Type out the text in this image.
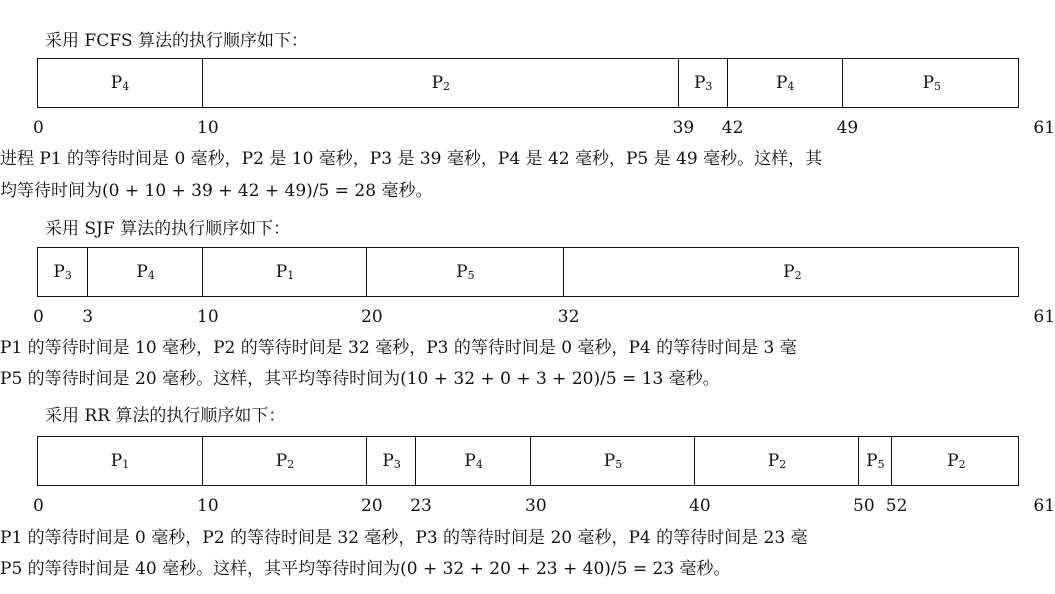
采用 FCFS 算法的执行顺序如下：
$P_4$	$P_2$	$P_3$	$P_4$	$P_5$
0	10	39 42	49	61
进程 P1 的等待时间是 0 毫秒，P2 是 10 毫秒，P3 是 39 毫秒，P4 是 42 毫秒，P5 是 49 毫秒。这样，其
均等待时间为(0 + 10 + 39 + 42 + 49)/5 = 28 毫秒。
采用 SJF 算法的执行顺序如下：
$P_3$	$P_4$	$P_1$	$P_5$	$P_2$
0 3	10	20	32	61
P1 的等待时间是 10 毫秒，P2 的等待时间是 32 毫秒，P3 的等待时间是 0 毫秒，P4 的等待时间是 3 毫
P5 的等待时间是 20 毫秒。这样，其平均等待时间为(10 + 32 + 0 + 3 + 20)/5 = 13 毫秒。
采用 RR 算法的执行顺序如下：
$P_1$	$P_2$	$P_3$	$P_4$	$P_5$	$P_2$	$P_5$	$P_2$
0	10	20 23	30	40	50 52	61
P1 的等待时间是 0 毫秒，P2 的等待时间是 32 毫秒，P3 的等待时间是 20 毫秒，P4 的等待时间是 23 毫
P5 的等待时间是 40 毫秒。这样，其平均等待时间为(0 + 32 + 20 + 23 + 40)/5 = 23 毫秒。
